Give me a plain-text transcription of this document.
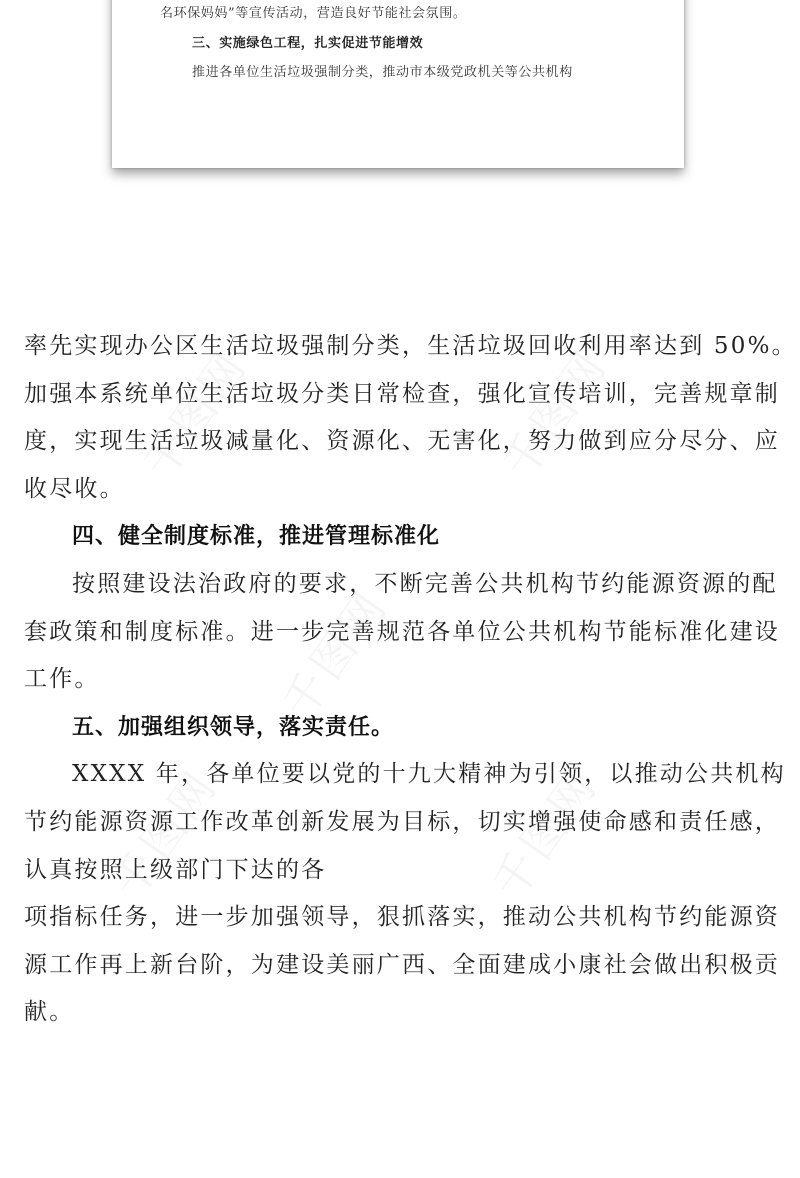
名环保妈妈”等宣传活动，营造良好节能社会氛围。

三、实施绿色工程，扎实促进节能增效

推进各单位生活垃圾强制分类，推动市本级党政机关等公共机构

率先实现办公区生活垃圾强制分类，生活垃圾回收利用率达到 50%。

加强本系统单位生活垃圾分类日常检查，强化宣传培训，完善规章制

度，实现生活垃圾减量化、资源化、无害化，努力做到应分尽分、应

收尽收。

四、健全制度标准，推进管理标准化

按照建设法治政府的要求，不断完善公共机构节约能源资源的配

套政策和制度标准。进一步完善规范各单位公共机构节能标准化建设

工作。

五、加强组织领导，落实责任。

XXXX 年，各单位要以党的十九大精神为引领，以推动公共机构

节约能源资源工作改革创新发展为目标，切实增强使命感和责任感，

认真按照上级部门下达的各

项指标任务，进一步加强领导，狠抓落实，推动公共机构节约能源资

源工作再上新台阶，为建设美丽广西、全面建成小康社会做出积极贡

献。
